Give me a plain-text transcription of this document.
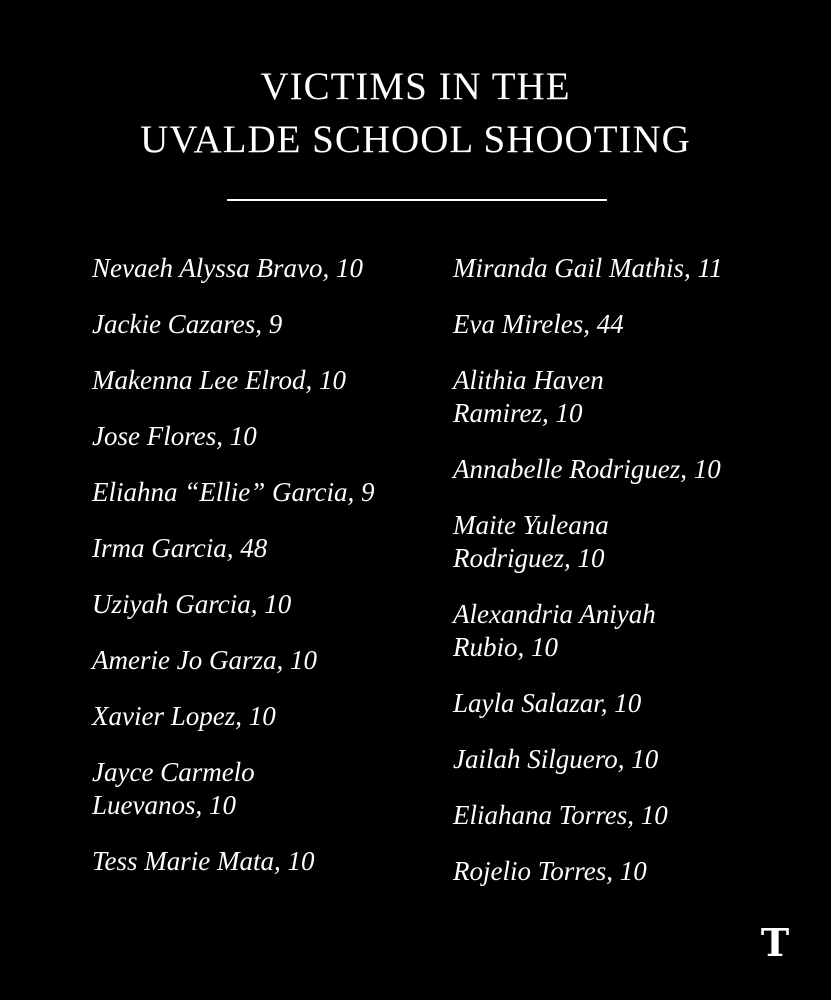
VICTIMS IN THE
UVALDE SCHOOL SHOOTING
Nevaeh Alyssa Bravo, 10
Jackie Cazares, 9
Makenna Lee Elrod, 10
Jose Flores, 10
Eliahna “Ellie” Garcia, 9
Irma Garcia, 48
Uziyah Garcia, 10
Amerie Jo Garza, 10
Xavier Lopez, 10
Jayce Carmelo Luevanos, 10
Tess Marie Mata, 10
Miranda Gail Mathis, 11
Eva Mireles, 44
Alithia Haven Ramirez, 10
Annabelle Rodriguez, 10
Maite Yuleana Rodriguez, 10
Alexandria Aniyah Rubio, 10
Layla Salazar, 10
Jailah Silguero, 10
Eliahana Torres, 10
Rojelio Torres, 10
T
